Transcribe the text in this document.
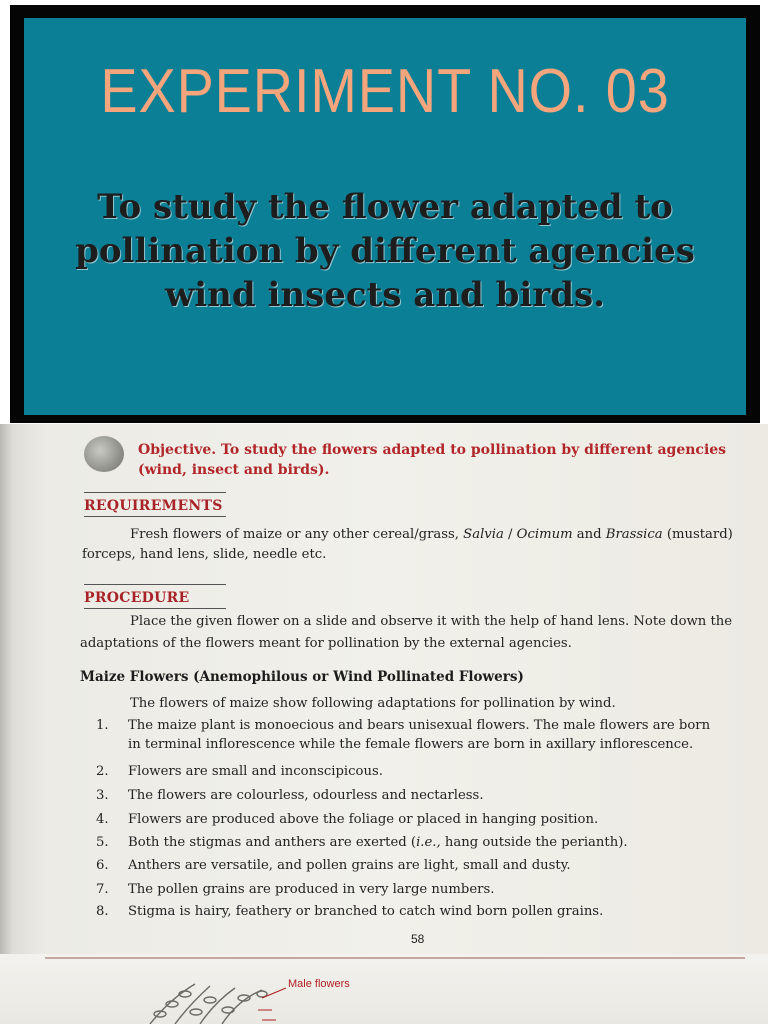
EXPERIMENT NO. 03
To study the flower adapted to
pollination by different agencies
wind insects and birds.
Objective. To study the flowers adapted to pollination by different agencies
(wind, insect and birds).
REQUIREMENTS
Fresh flowers of maize or any other cereal/grass, Salvia / Ocimum and Brassica (mustard)
forceps, hand lens, slide, needle etc.
PROCEDURE
Place the given flower on a slide and observe it with the help of hand lens. Note down the
adaptations of the flowers meant for pollination by the external agencies.
Maize Flowers (Anemophilous or Wind Pollinated Flowers)
The flowers of maize show following adaptations for pollination by wind.
1. The maize plant is monoecious and bears unisexual flowers. The male flowers are born
in terminal inflorescence while the female flowers are born in axillary inflorescence.
2. Flowers are small and inconscipicous.
3. The flowers are colourless, odourless and nectarless.
4. Flowers are produced above the foliage or placed in hanging position.
5. Both the stigmas and anthers are exerted (i.e., hang outside the perianth).
6. Anthers are versatile, and pollen grains are light, small and dusty.
7. The pollen grains are produced in very large numbers.
8. Stigma is hairy, feathery or branched to catch wind born pollen grains.
58
Male flowers
